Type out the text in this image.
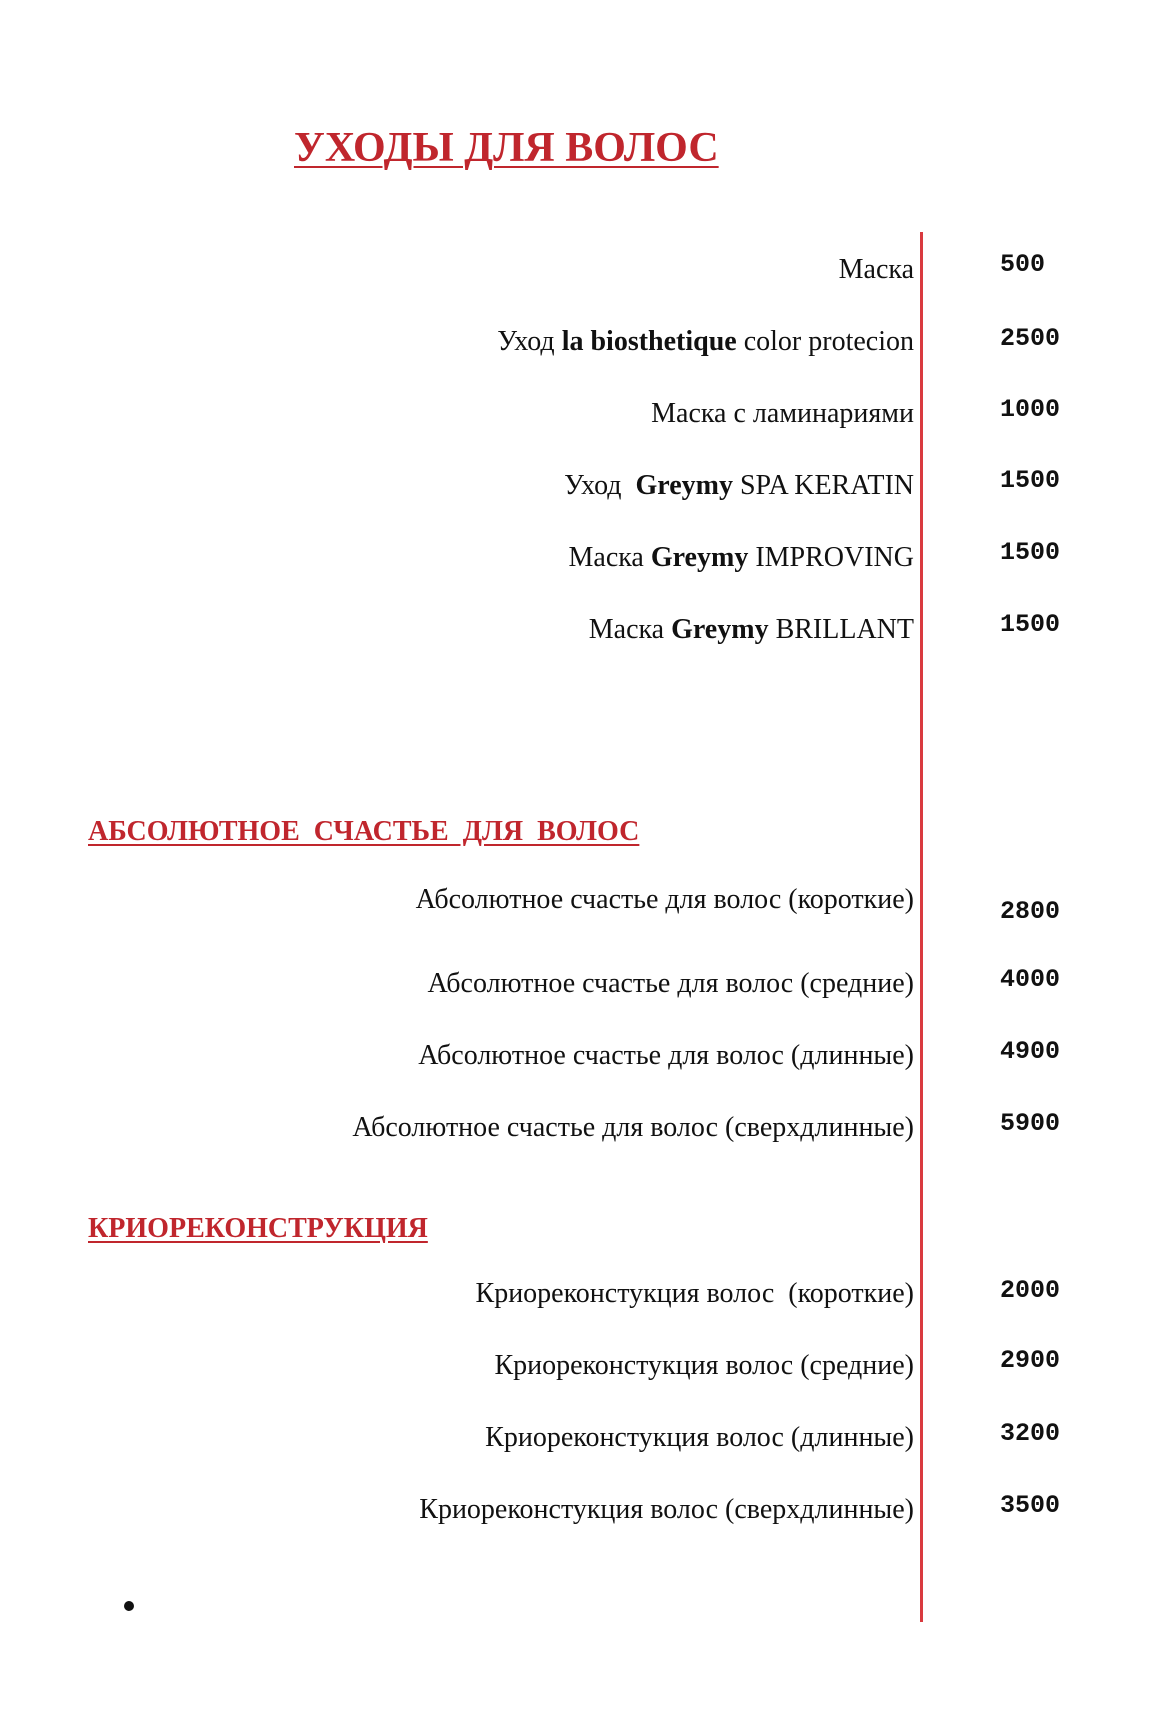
УХОДЫ ДЛЯ ВОЛОС
АБСОЛЮТНОЕ  СЧАСТЬЕ  ДЛЯ  ВОЛОС
КРИОРЕКОНСТРУКЦИЯ
Маска	500
Уход la biosthetique color protecion	2500
Маска с ламинариями	1000
Уход  Greymy SPA KERATIN	1500
Маска Greymy IMPROVING	1500
Маска Greymy BRILLANT	1500
Абсолютное счастье для волос (короткие)	2800
Абсолютное счастье для волос (средние)	4000
Абсолютное счастье для волос (длинные)	4900
Абсолютное счастье для волос (сверхдлинные)	5900
Криореконстукция волос  (короткие)	2000
Криореконстукция волос (средние)	2900
Криореконстукция волос (длинные)	3200
Криореконстукция волос (сверхдлинные)	3500
